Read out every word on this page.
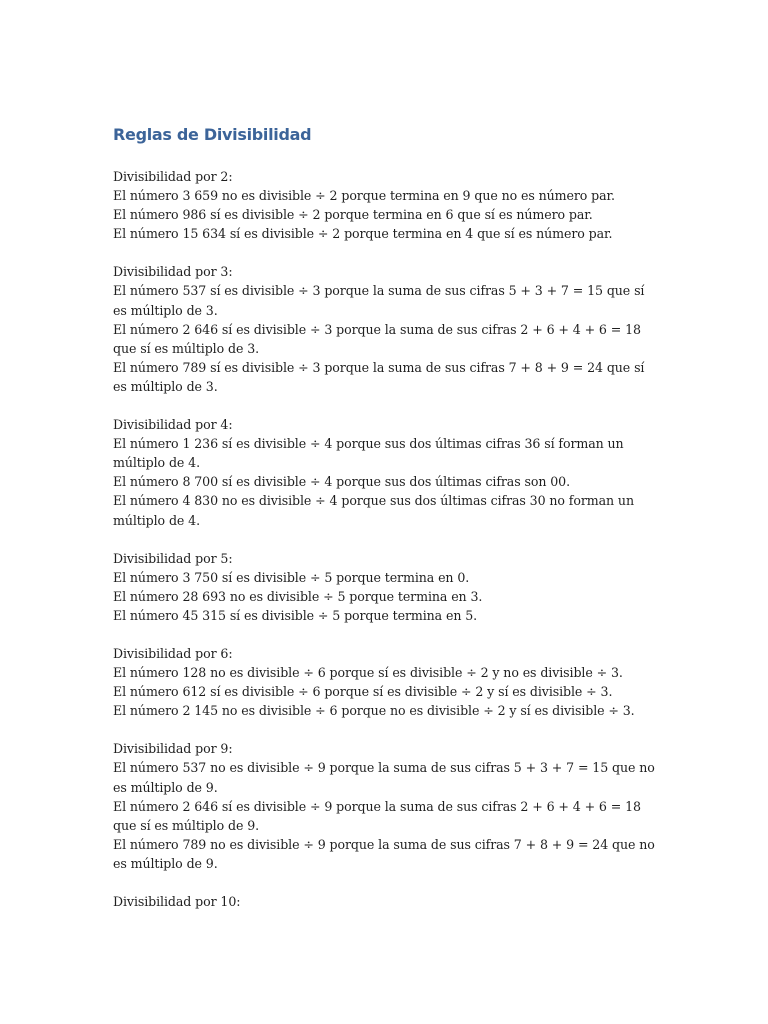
Reglas de Divisibilidad
Divisibilidad por 2:
El número 3 659 no es divisible ÷ 2 porque termina en 9 que no es número par.
El número 986 sí es divisible ÷ 2 porque termina en 6 que sí es número par.
El número 15 634 sí es divisible ÷ 2 porque termina en 4 que sí es número par.
Divisibilidad por 3:
El número 537 sí es divisible ÷ 3 porque la suma de sus cifras 5 + 3 + 7 = 15 que sí es múltiplo de 3.
El número 2 646 sí es divisible ÷ 3 porque la suma de sus cifras 2 + 6 + 4 + 6 = 18 que sí es múltiplo de 3.
El número 789 sí es divisible ÷ 3 porque la suma de sus cifras 7 + 8 + 9 = 24 que sí es múltiplo de 3.
Divisibilidad por 4:
El número 1 236 sí es divisible ÷ 4 porque sus dos últimas cifras 36 sí forman un múltiplo de 4.
El número 8 700 sí es divisible ÷ 4 porque sus dos últimas cifras son 00.
El número 4 830 no es divisible ÷ 4 porque sus dos últimas cifras 30 no forman un múltiplo de 4.
Divisibilidad por 5:
El número 3 750 sí es divisible ÷ 5 porque termina en 0.
El número 28 693 no es divisible ÷ 5 porque termina en 3.
El número 45 315 sí es divisible ÷ 5 porque termina en 5.
Divisibilidad por 6:
El número 128 no es divisible ÷ 6 porque sí es divisible ÷ 2 y no es divisible ÷ 3.
El número 612 sí es divisible ÷ 6 porque sí es divisible ÷ 2 y sí es divisible ÷ 3.
El número 2 145 no es divisible ÷ 6 porque no es divisible ÷ 2 y sí es divisible ÷ 3.
Divisibilidad por 9:
El número 537 no es divisible ÷ 9 porque la suma de sus cifras 5 + 3 + 7 = 15 que no es múltiplo de 9.
El número 2 646 sí es divisible ÷ 9 porque la suma de sus cifras 2 + 6 + 4 + 6 = 18 que sí es múltiplo de 9.
El número 789 no es divisible ÷ 9 porque la suma de sus cifras 7 + 8 + 9 = 24 que no es múltiplo de 9.
Divisibilidad por 10:
